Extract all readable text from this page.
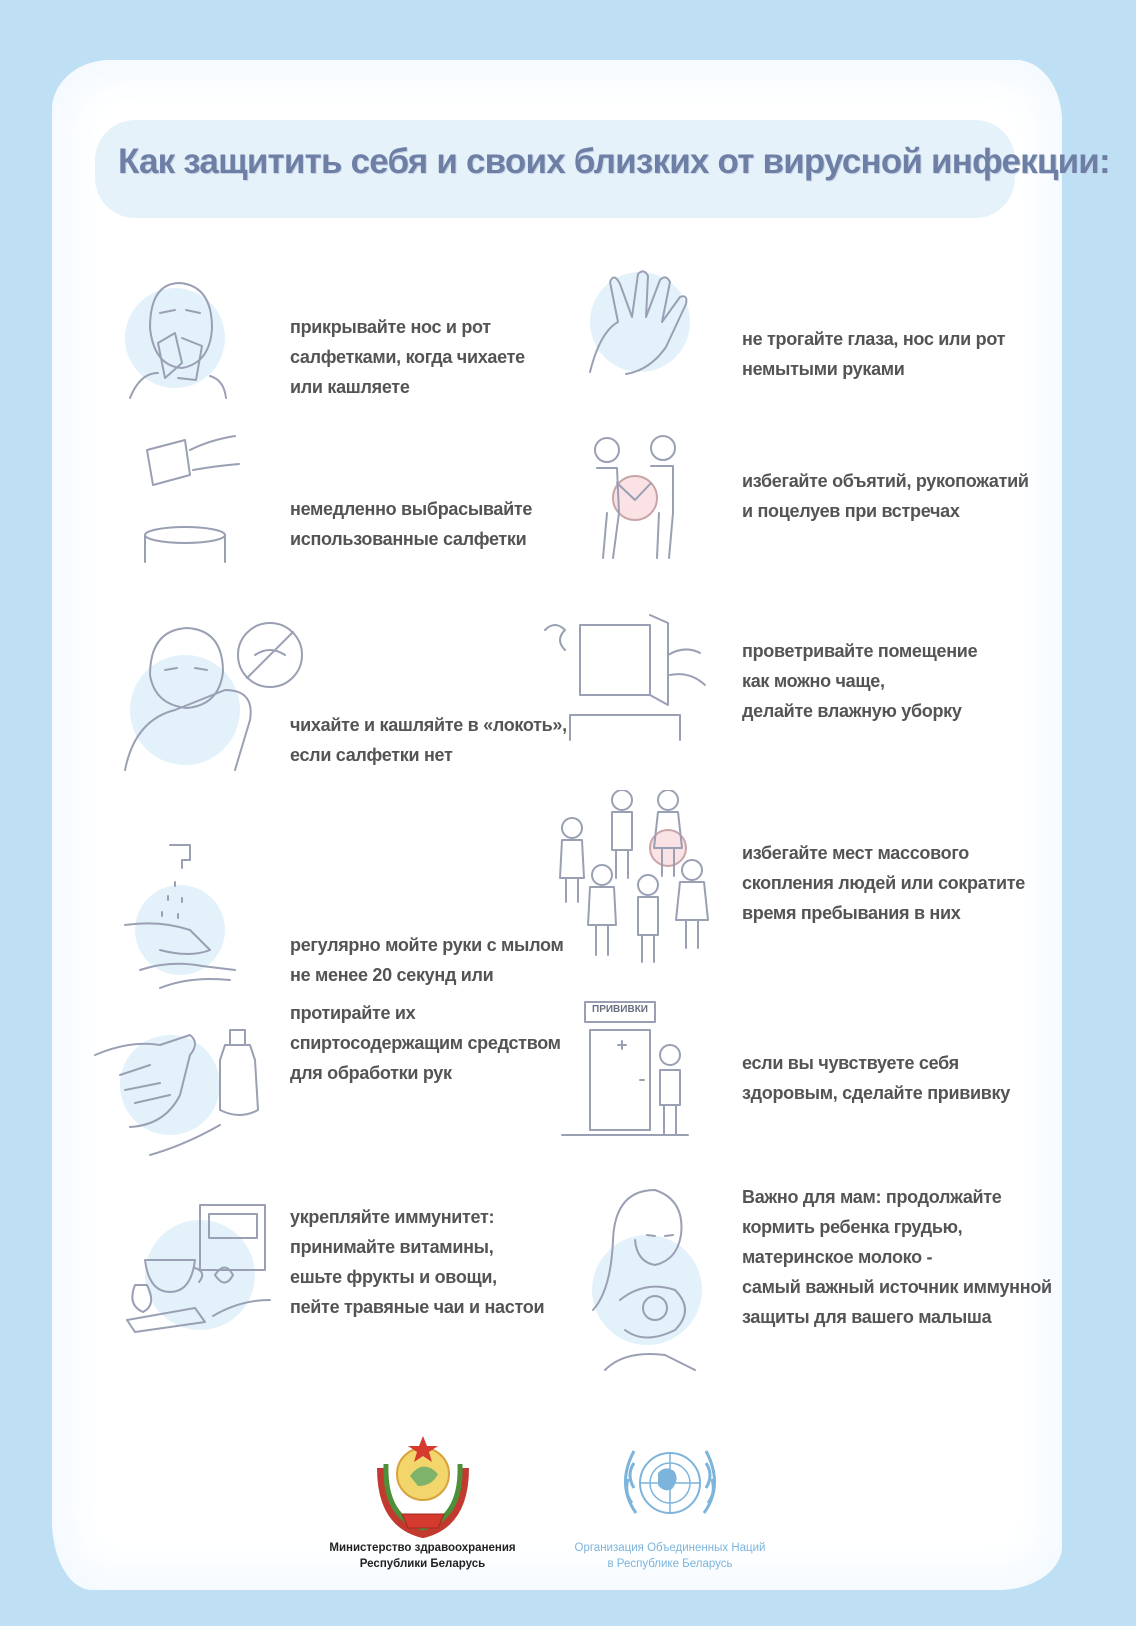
Как защитить себя и своих близких от вирусной инфекции:
прикрывайте нос и рот
салфетками, когда чихаете
или кашляете
не трогайте глаза, нос или рот
немытыми руками
немедленно выбрасывайте
использованные салфетки
избегайте объятий, рукопожатий
и поцелуев при встречах
чихайте и кашляйте в «локоть»,
если салфетки нет
проветривайте помещение
как можно чаще,
делайте влажную уборку
избегайте мест массового
скопления людей или сократите
время пребывания в них
регулярно мойте руки с мылом
не менее 20 секунд или
протирайте их
спиртосодержащим средством
для обработки рук
ПРИВИВКИ
если вы чувствуете себя
здоровым, сделайте прививку
укрепляйте иммунитет:
принимайте витамины,
ешьте фрукты и овощи,
пейте травяные чаи и настои
Важно для мам: продолжайте
кормить ребенка грудью,
материнское молоко -
самый важный источник иммунной
защиты для вашего малыша
Министерство здравоохранения
Республики Беларусь
Организация Объединенных Наций
в Республике Беларусь
